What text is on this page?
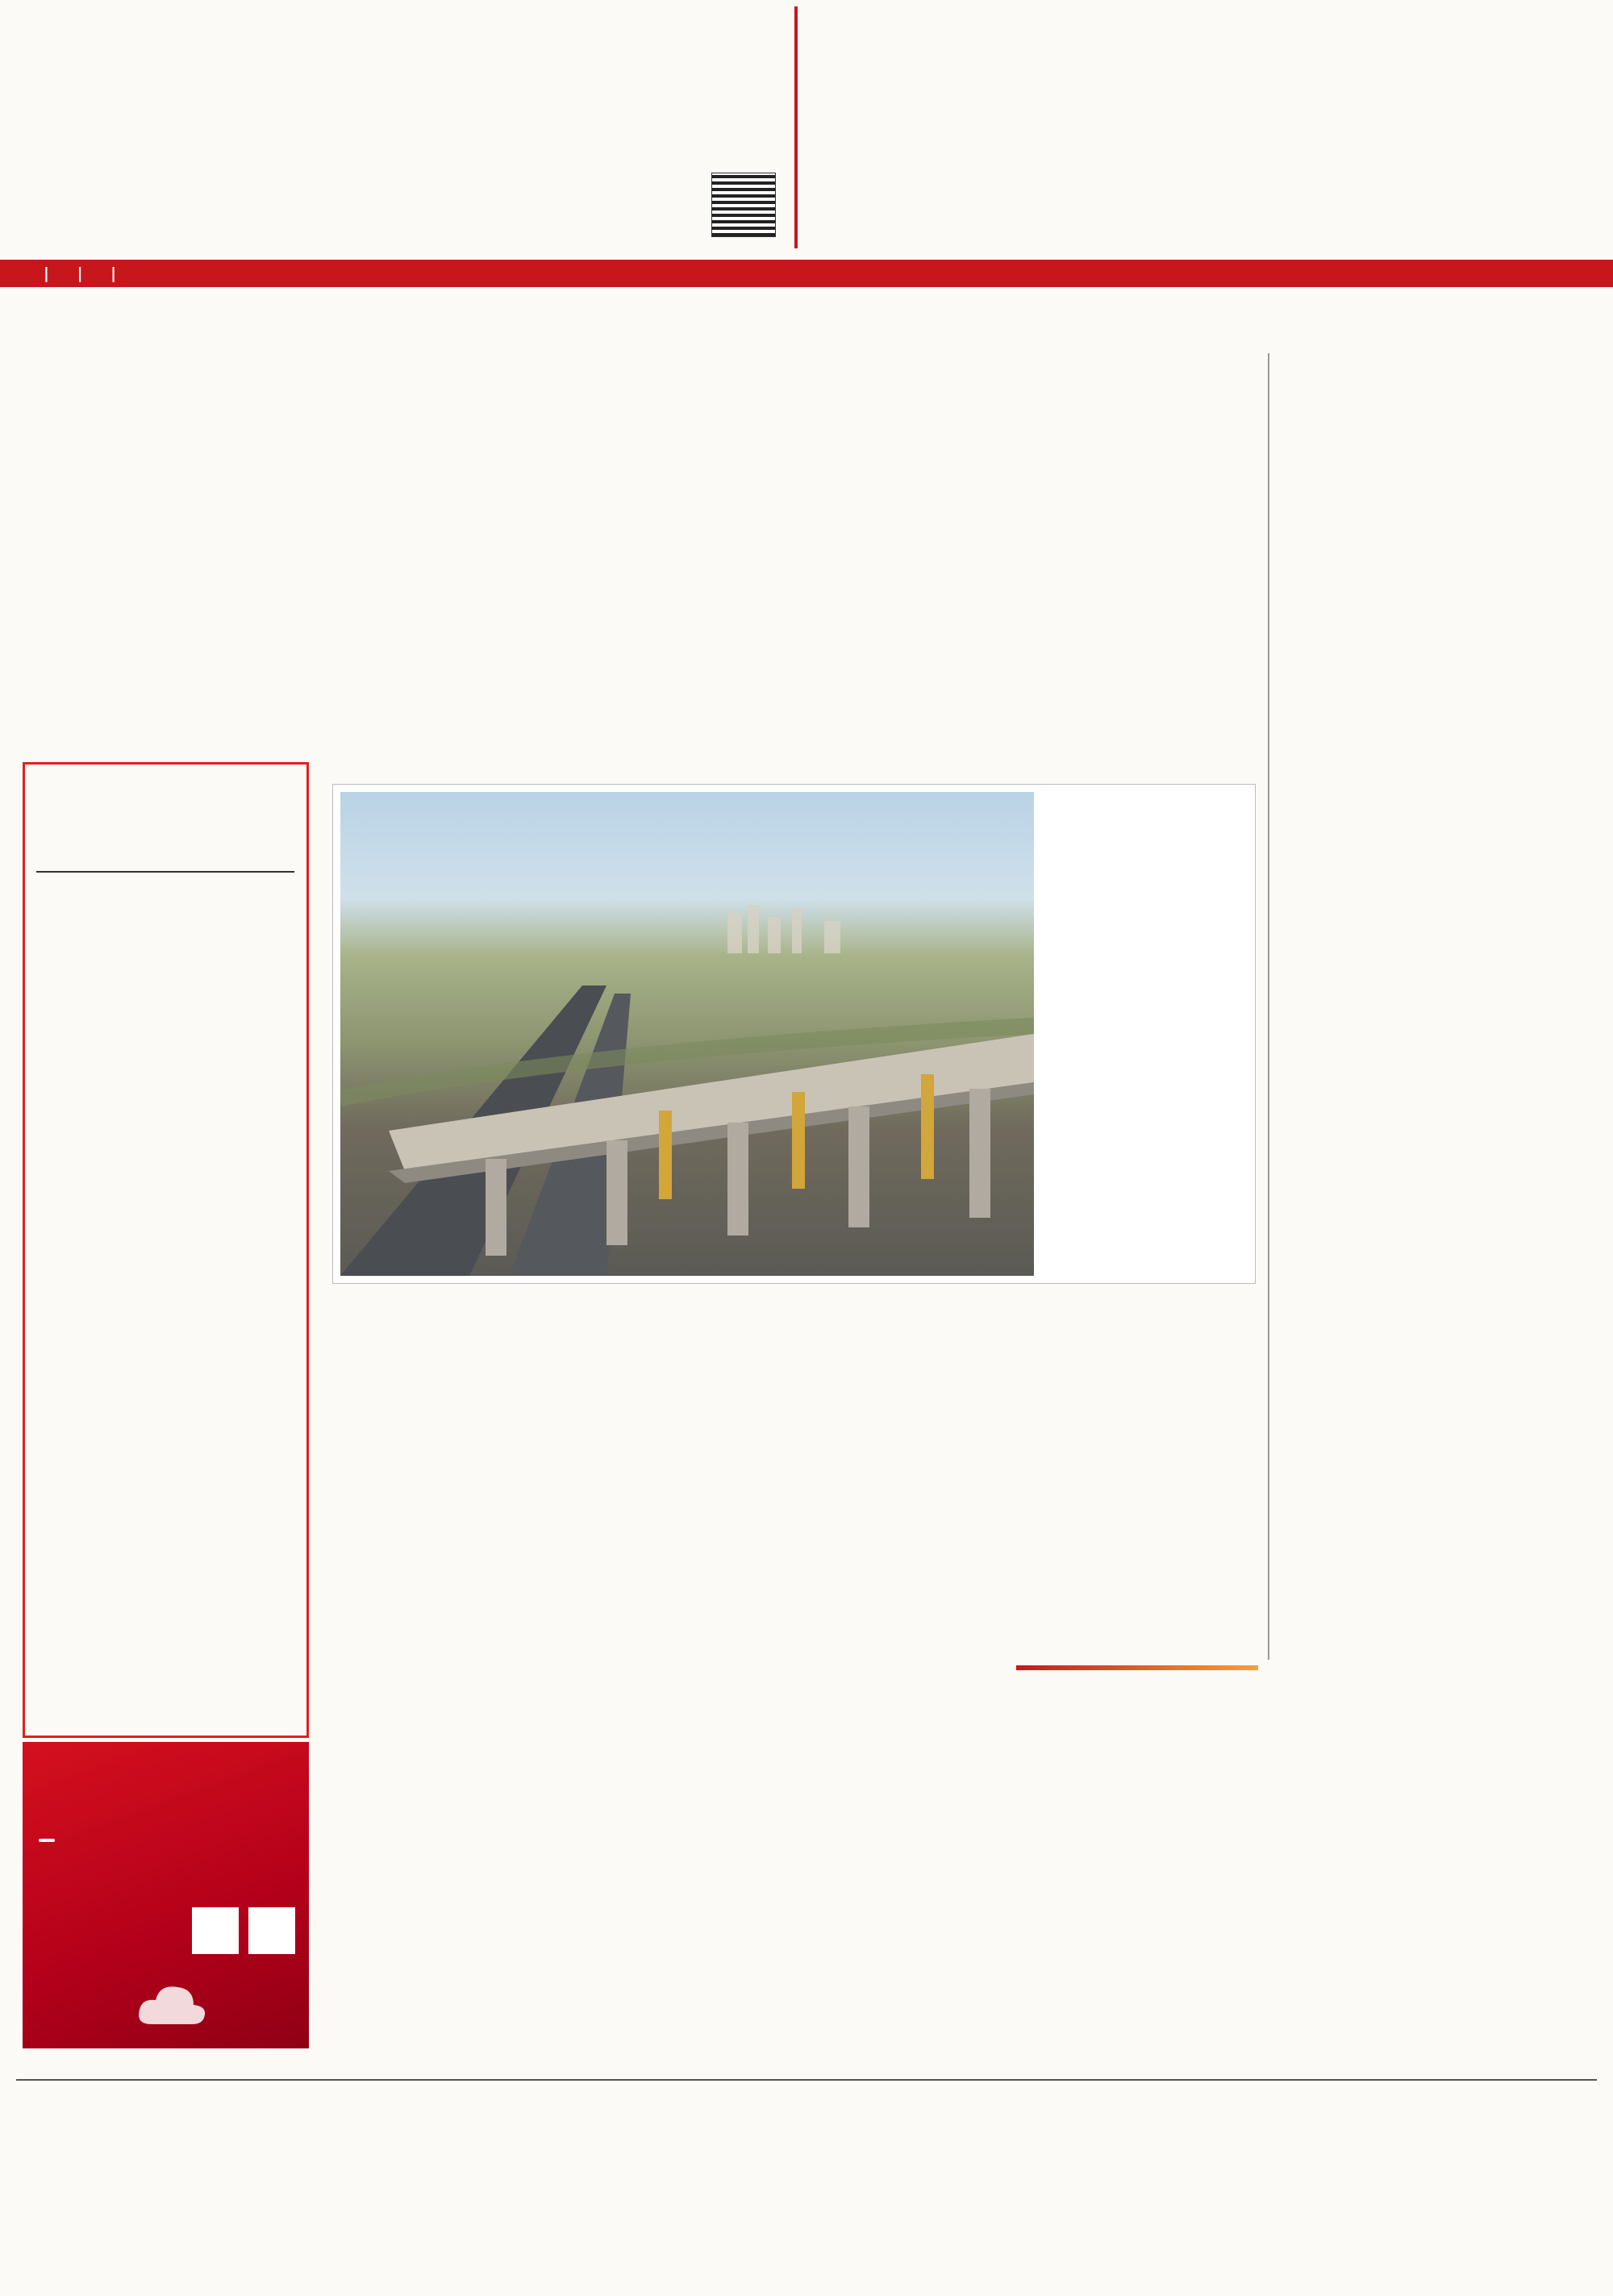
| | |
